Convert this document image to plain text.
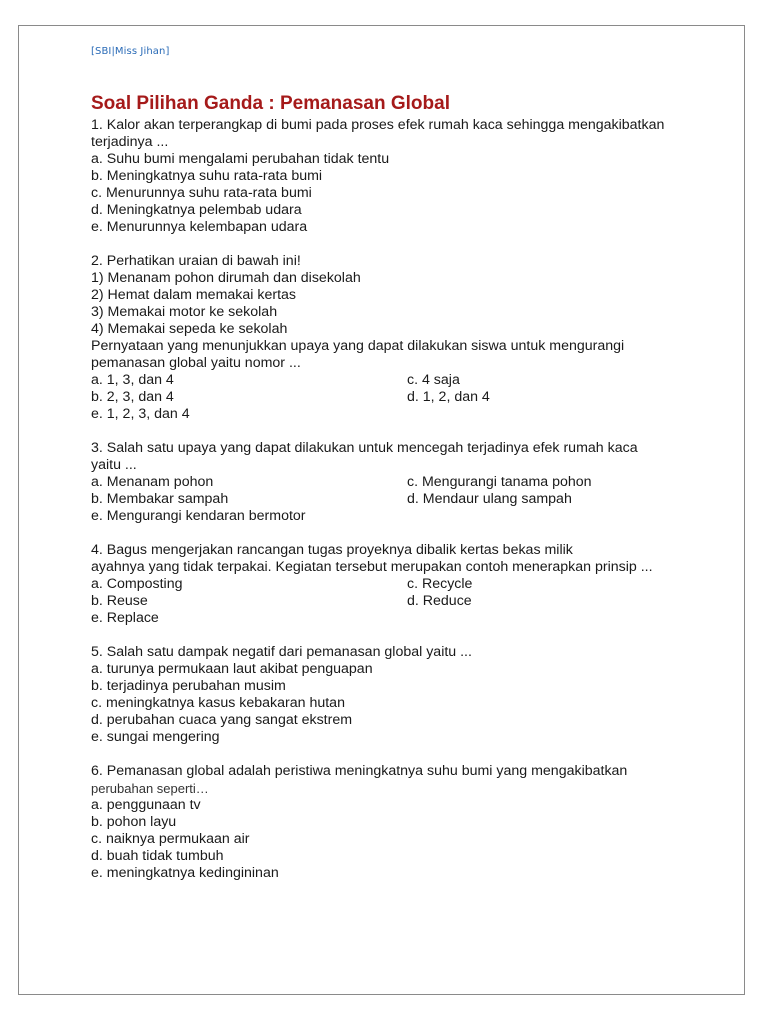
[SBI|Miss Jihan]
Soal Pilihan Ganda : Pemanasan Global
1. Kalor akan terperangkap di bumi pada proses efek rumah kaca sehingga mengakibatkan
terjadinya ...
a. Suhu bumi mengalami perubahan tidak tentu
b. Meningkatnya suhu rata-rata bumi
c. Menurunnya suhu rata-rata bumi
d. Meningkatnya pelembab udara
e. Menurunnya kelembapan udara
2. Perhatikan uraian di bawah ini!
1) Menanam pohon dirumah dan disekolah
2) Hemat dalam memakai kertas
3) Memakai motor ke sekolah
4) Memakai sepeda ke sekolah
Pernyataan yang menunjukkan upaya yang dapat dilakukan siswa untuk mengurangi
pemanasan global yaitu nomor ...
a. 1, 3, dan 4	c. 4 saja
b. 2, 3, dan 4	d. 1, 2, dan 4
e. 1, 2, 3, dan 4
3. Salah satu upaya yang dapat dilakukan untuk mencegah terjadinya efek rumah kaca
yaitu ...
a. Menanam pohon	c. Mengurangi tanama pohon
b. Membakar sampah	d. Mendaur ulang sampah
e. Mengurangi kendaran bermotor
4. Bagus mengerjakan rancangan tugas proyeknya dibalik kertas bekas milik
ayahnya yang tidak terpakai. Kegiatan tersebut merupakan contoh menerapkan prinsip ...
a. Composting	c. Recycle
b. Reuse	d. Reduce
e. Replace
5. Salah satu dampak negatif dari pemanasan global yaitu ...
a. turunya permukaan laut akibat penguapan
b. terjadinya perubahan musim
c. meningkatnya kasus kebakaran hutan
d. perubahan cuaca yang sangat ekstrem
e. sungai mengering
6. Pemanasan global adalah peristiwa meningkatnya suhu bumi yang mengakibatkan
perubahan seperti…
a. penggunaan tv
b. pohon layu
c. naiknya permukaan air
d. buah tidak tumbuh
e. meningkatnya kedingininan
